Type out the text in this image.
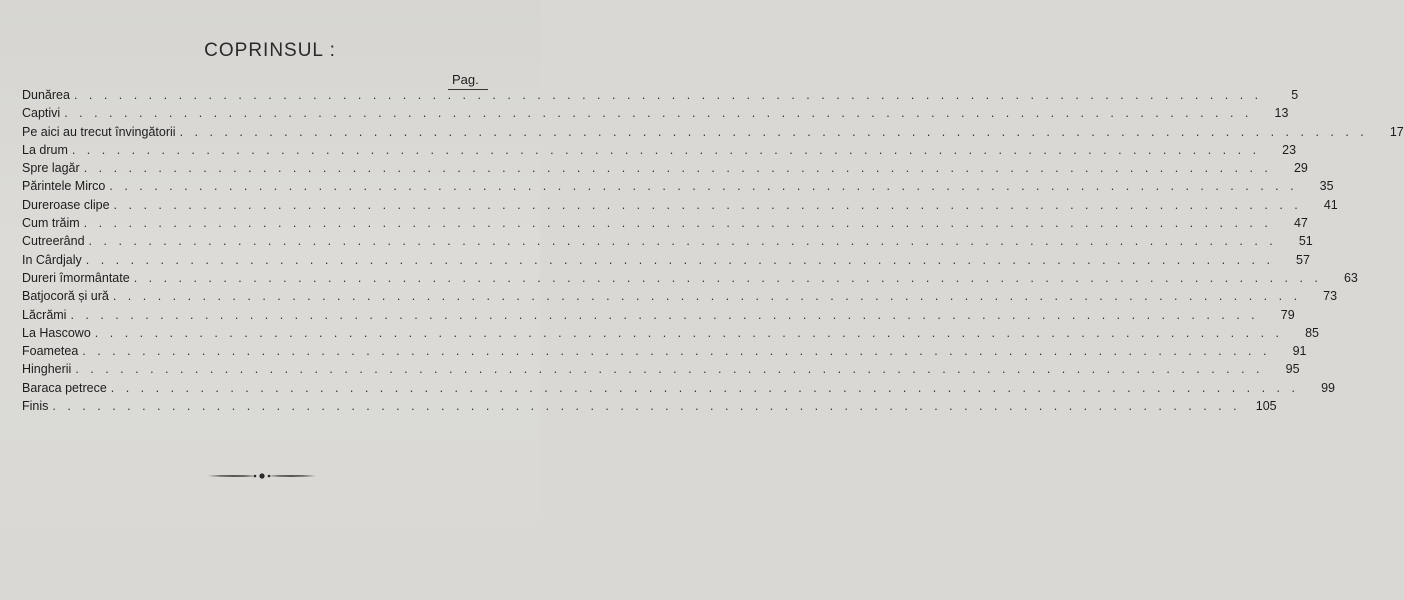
COPRINSUL :
Pag.
Dunărea . . . . . . . . . . . . . . . . . . . . . . . . . . . . . . . . . . . . . . . . . . . . . . . . . . . . . . . . . . . . . . . . . . . . . . . . . . . . . . . .	5
Captivi . . . . . . . . . . . . . . . . . . . . . . . . . . . . . . . . . . . . . . . . . . . . . . . . . . . . . . . . . . . . . . . . . . . . . . . . . . . . . . . .	13
Pe aici au trecut învingătorii . . . . . . . . . . . . . . . . . . . . . . . . . . . . . . . . . . . . . . . . . . . . . . . . . . . . . . . . . . . . . . . . . . . . . . . . . . . . . . . .	17
La drum . . . . . . . . . . . . . . . . . . . . . . . . . . . . . . . . . . . . . . . . . . . . . . . . . . . . . . . . . . . . . . . . . . . . . . . . . . . . . . . .	23
Spre lagăr . . . . . . . . . . . . . . . . . . . . . . . . . . . . . . . . . . . . . . . . . . . . . . . . . . . . . . . . . . . . . . . . . . . . . . . . . . . . . . . .	29
Părintele Mirco . . . . . . . . . . . . . . . . . . . . . . . . . . . . . . . . . . . . . . . . . . . . . . . . . . . . . . . . . . . . . . . . . . . . . . . . . . . . . . . .	35
Dureroase clipe . . . . . . . . . . . . . . . . . . . . . . . . . . . . . . . . . . . . . . . . . . . . . . . . . . . . . . . . . . . . . . . . . . . . . . . . . . . . . . . .	41
Cum trăim . . . . . . . . . . . . . . . . . . . . . . . . . . . . . . . . . . . . . . . . . . . . . . . . . . . . . . . . . . . . . . . . . . . . . . . . . . . . . . . .	47
Cutreerând . . . . . . . . . . . . . . . . . . . . . . . . . . . . . . . . . . . . . . . . . . . . . . . . . . . . . . . . . . . . . . . . . . . . . . . . . . . . . . . .	51
In Cârdjaly . . . . . . . . . . . . . . . . . . . . . . . . . . . . . . . . . . . . . . . . . . . . . . . . . . . . . . . . . . . . . . . . . . . . . . . . . . . . . . . .	57
Dureri îmormântate . . . . . . . . . . . . . . . . . . . . . . . . . . . . . . . . . . . . . . . . . . . . . . . . . . . . . . . . . . . . . . . . . . . . . . . . . . . . . . . .	63
Batjocoră și ură . . . . . . . . . . . . . . . . . . . . . . . . . . . . . . . . . . . . . . . . . . . . . . . . . . . . . . . . . . . . . . . . . . . . . . . . . . . . . . . .	73
Lăcrămi . . . . . . . . . . . . . . . . . . . . . . . . . . . . . . . . . . . . . . . . . . . . . . . . . . . . . . . . . . . . . . . . . . . . . . . . . . . . . . . .	79
La Hascowo . . . . . . . . . . . . . . . . . . . . . . . . . . . . . . . . . . . . . . . . . . . . . . . . . . . . . . . . . . . . . . . . . . . . . . . . . . . . . . . .	85
Foametea . . . . . . . . . . . . . . . . . . . . . . . . . . . . . . . . . . . . . . . . . . . . . . . . . . . . . . . . . . . . . . . . . . . . . . . . . . . . . . . .	91
Hingherii . . . . . . . . . . . . . . . . . . . . . . . . . . . . . . . . . . . . . . . . . . . . . . . . . . . . . . . . . . . . . . . . . . . . . . . . . . . . . . . .	95
Baraca petrece . . . . . . . . . . . . . . . . . . . . . . . . . . . . . . . . . . . . . . . . . . . . . . . . . . . . . . . . . . . . . . . . . . . . . . . . . . . . . . . .	99
Finis . . . . . . . . . . . . . . . . . . . . . . . . . . . . . . . . . . . . . . . . . . . . . . . . . . . . . . . . . . . . . . . . . . . . . . . . . . . . . . . .	105
